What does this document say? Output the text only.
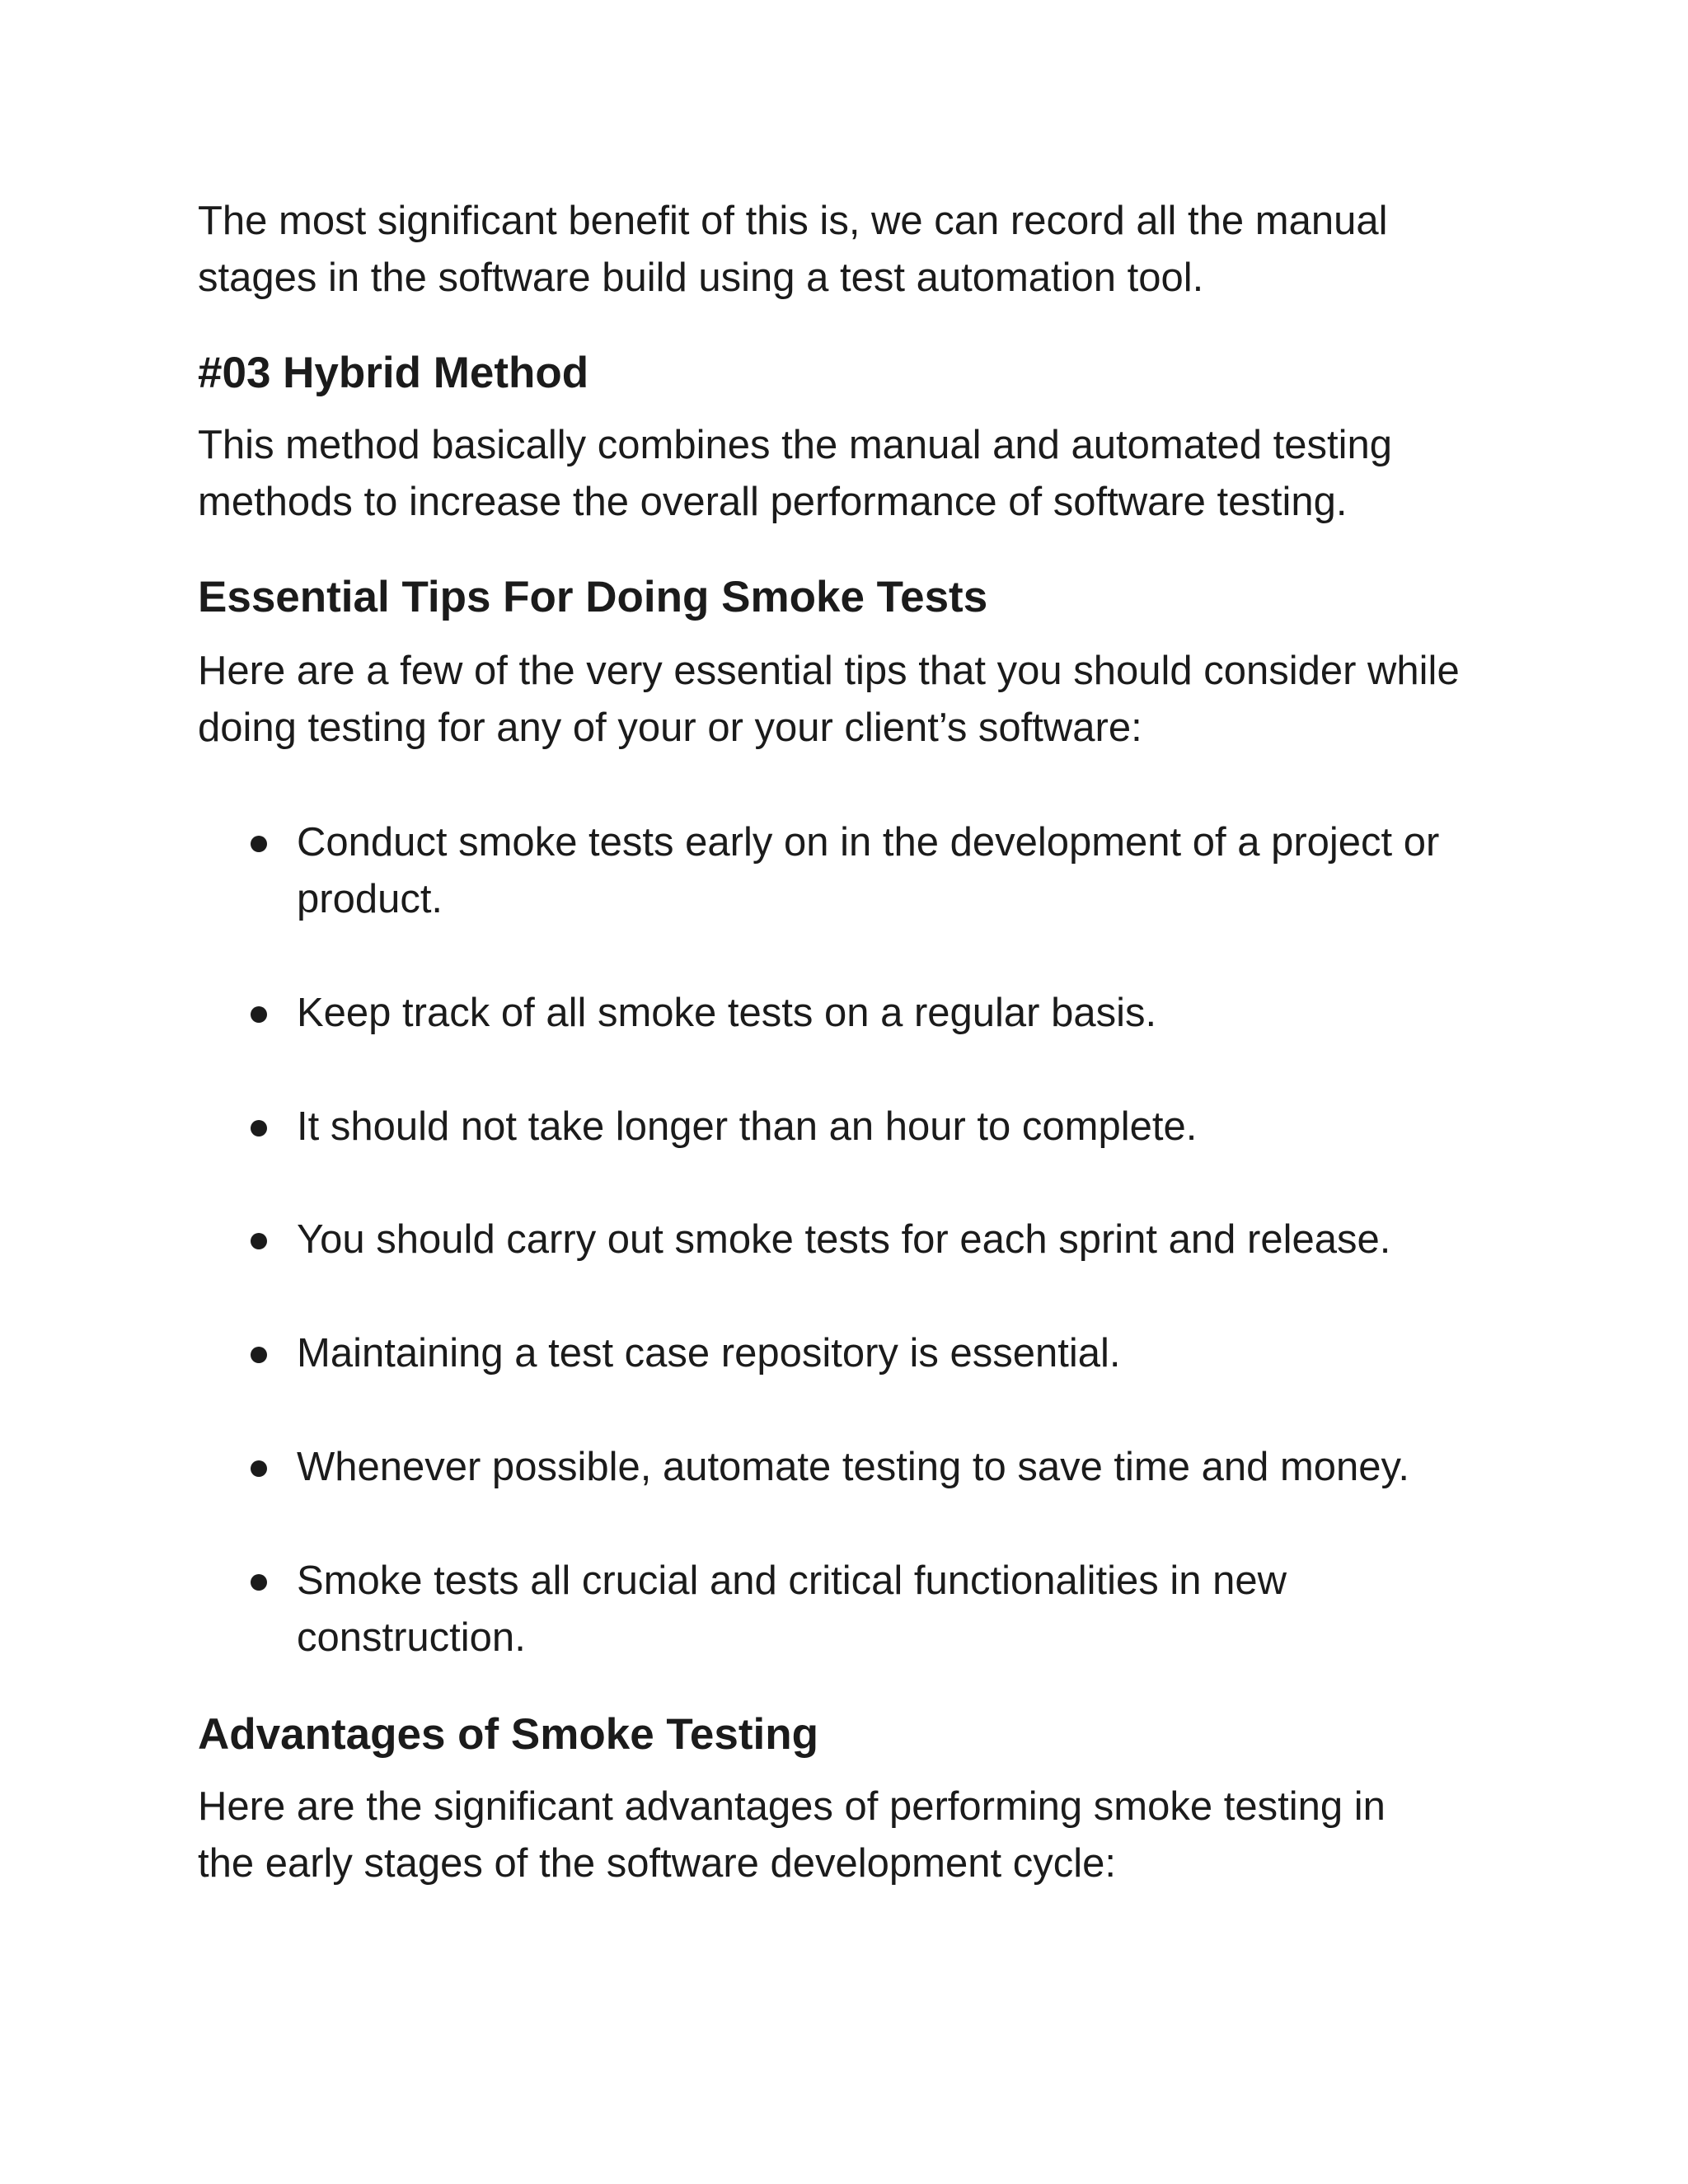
The most significant benefit of this is, we can record all the manual
stages in the software build using a test automation tool.

#03 Hybrid Method

This method basically combines the manual and automated testing
methods to increase the overall performance of software testing.

Essential Tips For Doing Smoke Tests

Here are a few of the very essential tips that you should consider while
doing testing for any of your or your client’s software:

Conduct smoke tests early on in the development of a project or
product.
Keep track of all smoke tests on a regular basis.
It should not take longer than an hour to complete.
You should carry out smoke tests for each sprint and release.
Maintaining a test case repository is essential.
Whenever possible, automate testing to save time and money.
Smoke tests all crucial and critical functionalities in new
construction.
Advantages of Smoke Testing

Here are the significant advantages of performing smoke testing in
the early stages of the software development cycle:
